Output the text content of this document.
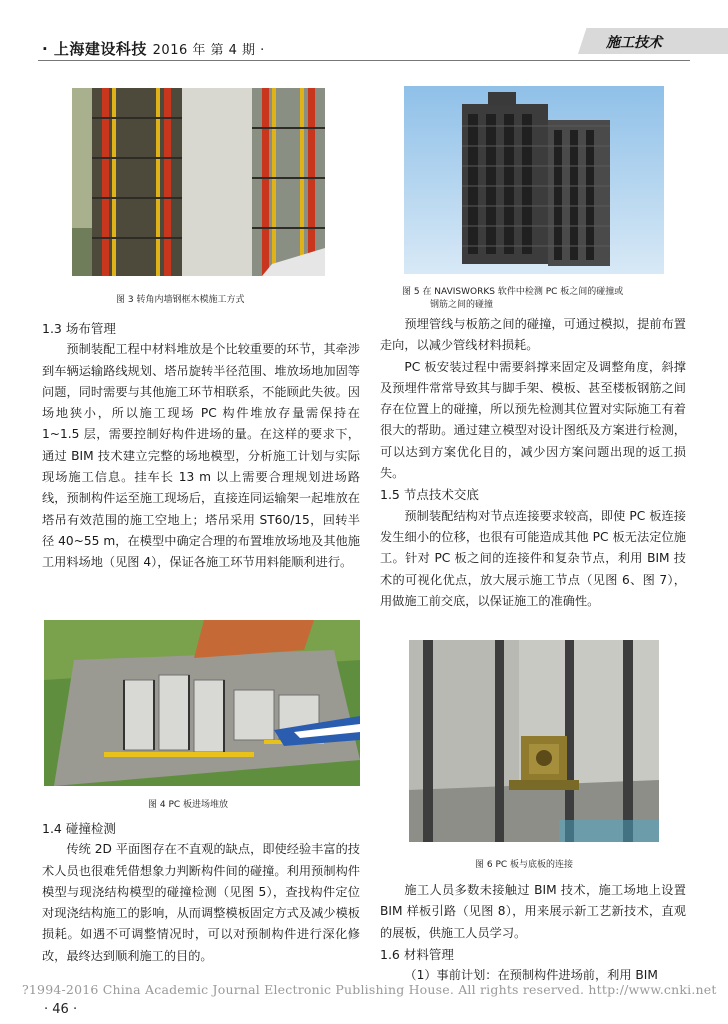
· 上海建设科技 2016 年 第 4 期 ·	施工技术
图 3 转角内墙钢框木模施工方式
图 5 在 NAVISWORKS 软件中检测 PC 板之间的碰撞或
钢筋之间的碰撞

1.3 场布管理

预制装配工程中材料堆放是个比较重要的环节，其牵涉到车辆运输路线规划、塔吊旋转半径范围、堆放场地加固等问题，同时需要与其他施工环节相联系，不能顾此失彼。因场地狭小，所以施工现场 PC 构件堆放存量需保持在 1~1.5 层，需要控制好构件进场的量。在这样的要求下，通过 BIM 技术建立完整的场地模型，分析施工计划与实际现场施工信息。挂车长 13 m 以上需要合理规划进场路线，预制构件运至施工现场后，直接连同运输架一起堆放在塔吊有效范围的施工空地上；塔吊采用 ST60/15，回转半径 40~55 m，在模型中确定合理的布置堆放场地及其他施工用料场地（见图 4），保证各施工环节用料能顺利进行。

图 4 PC 板进场堆放

1.4 碰撞检测

传统 2D 平面图存在不直观的缺点，即使经验丰富的技术人员也很难凭借想象力判断构件间的碰撞。利用预制构件模型与现浇结构模型的碰撞检测（见图 5），查找构件定位对现浇结构施工的影响，从而调整模板固定方式及减少模板损耗。如遇不可调整情况时，可以对预制构件进行深化修改，最终达到顺利施工的目的。

预埋管线与板筋之间的碰撞，可通过模拟，提前布置走向，以减少管线材料损耗。

PC 板安装过程中需要斜撑来固定及调整角度，斜撑及预埋件常常导致其与脚手架、模板、甚至楼板钢筋之间存在位置上的碰撞，所以预先检测其位置对实际施工有着很大的帮助。通过建立模型对设计图纸及方案进行检测，可以达到方案优化目的，减少因方案问题出现的返工损失。

1.5 节点技术交底

预制装配结构对节点连接要求较高，即使 PC 板连接发生细小的位移，也很有可能造成其他 PC 板无法定位施工。针对 PC 板之间的连接件和复杂节点，利用 BIM 技术的可视化优点，放大展示施工节点（见图 6、图 7），用做施工前交底，以保证施工的准确性。

图 6 PC 板与底板的连接

施工人员多数未接触过 BIM 技术，施工场地上设置 BIM 样板引路（见图 8），用来展示新工艺新技术，直观的展板，供施工人员学习。

1.6 材料管理

（1）事前计划：在预制构件进场前，利用 BIM

?1994-2016 China Academic Journal Electronic Publishing House. All rights reserved. http://www.cnki.net
· 46 ·
